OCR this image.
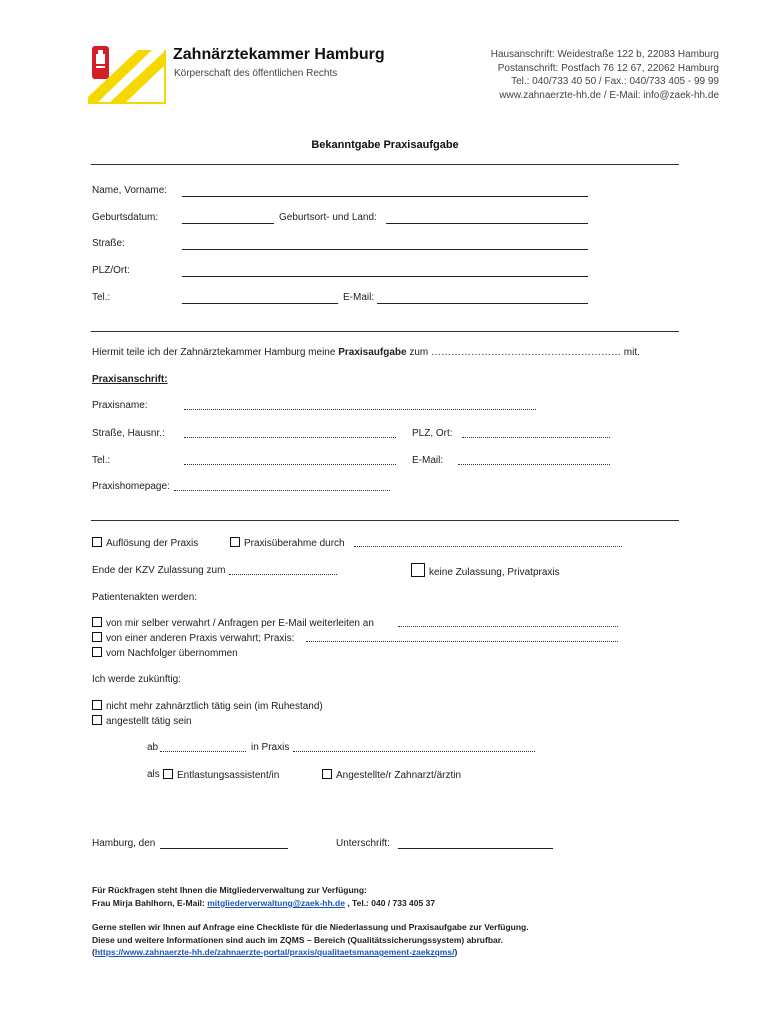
Zahnärztekammer Hamburg
Körperschaft des öffentlichen Rechts
Hausanschrift: Weidestraße 122 b, 22083 Hamburg
Postanschrift: Postfach 76 12 67, 22062 Hamburg
Tel.: 040/733 40 50 / Fax.: 040/733 405 - 99 99
www.zahnaerzte-hh.de / E-Mail: info@zaek-hh.de
Bekanntgabe Praxisaufgabe
Name, Vorname:
Geburtsdatum:	Geburtsort- und Land:
Straße:
PLZ/Ort:
Tel.:	E-Mail:
Hiermit teile ich der Zahnärztekammer Hamburg meine Praxisaufgabe zum ………………………………………………… mit.
Praxisanschrift:
Praxisname:
Straße, Hausnr.:	PLZ, Ort:
Tel.:	E-Mail:
Praxishomepage:
Auflösung der Praxis	Praxisüberahme durch
Ende der KZV Zulassung zum	keine Zulassung, Privatpraxis
Patientenakten werden:
von mir selber verwahrt / Anfragen per E-Mail weiterleiten an
von einer anderen Praxis verwahrt; Praxis:
vom Nachfolger übernommen
Ich werde zukünftig:
nicht mehr zahnärztlich tätig sein (im Ruhestand)
angestellt tätig sein
ab	in Praxis
als	Entlastungsassistent/in	Angestellte/r Zahnarzt/ärztin
Hamburg, den	Unterschrift:
Für Rückfragen steht Ihnen die Mitgliederverwaltung zur Verfügung:
Frau Mirja Bahlhorn, E-Mail: mitgliederverwaltung@zaek-hh.de , Tel.: 040 / 733 405 37
Gerne stellen wir Ihnen auf Anfrage eine Checkliste für die Niederlassung und Praxisaufgabe zur Verfügung.
Diese und weitere Informationen sind auch im ZQMS – Bereich (Qualitätssicherungssystem) abrufbar.
(https://www.zahnaerzte-hh.de/zahnaerzte-portal/praxis/qualitaetsmanagement-zaekzqms/)
